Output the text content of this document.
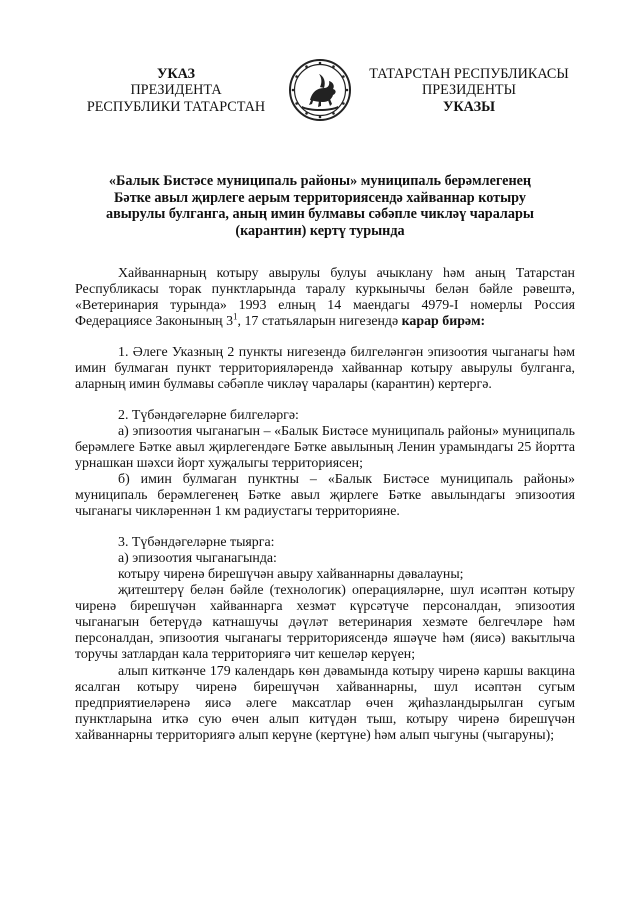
УКАЗ
ПРЕЗИДЕНТА
РЕСПУБЛИКИ ТАТАРСТАН
ТАТАРСТАН РЕСПУБЛИКАСЫ
ПРЕЗИДЕНТЫ
УКАЗЫ
«Балык Бистәсе муниципаль районы» муниципаль берәмлегенең
Бәтке авыл җирлеге аерым территориясендә хайваннар котыру
авырулы булганга, аның имин булмавы сәбәпле чикләү чаралары
(карантин) кертү турында
Хайваннарның котыру авырулы булуы ачыклану һәм аның Татарстан Республикасы торак пунктларында таралу куркынычы белән бәйле рәвештә, «Ветеринария турында» 1993 елның 14 маендагы 4979-I номерлы Россия Федерациясе Законының $3^1$, 17 статьяларын нигезендә карар бирәм:
1. Әлеге Указның 2 пункты нигезендә билгеләнгән эпизоотия чыганагы һәм имин булмаган пункт территорияләрендә хайваннар котыру авырулы булганга, аларның имин булмавы сәбәпле чикләү чаралары (карантин) кертергә.
2. Түбәндәгеләрне билгеләргә:
а) эпизоотия чыганагын – «Балык Бистәсе муниципаль районы» муниципаль берәмлеге Бәтке авыл җирлегендәге Бәтке авылының Ленин урамындагы 25 йортта урнашкан шәхси йорт хуҗалыгы территориясен;
б) имин булмаган пунктны – «Балык Бистәсе муниципаль районы» муниципаль берәмлегенең Бәтке авыл җирлеге Бәтке авылындагы эпизоотия чыганагы чикләреннән 1 км радиустагы территорияне.
3. Түбәндәгеләрне тыярга:
а) эпизоотия чыганагында:
котыру чиренә бирешүчән авыру хайваннарны дәвалауны;
җитештерү белән бәйле (технологик) операцияләрне, шул исәптән котыру чиренә бирешүчән хайваннарга хезмәт күрсәтүче персоналдан, эпизоотия чыганагын бетерүдә катнашучы дәүләт ветеринария хезмәте белгечләре һәм персоналдан, эпизоотия чыганагы территориясендә яшәүче һәм (яисә) вакытлыча торучы затлардан кала территориягә чит кешеләр керүен;
алып киткәнче 179 календарь көн дәвамында котыру чиренә каршы вакцина ясалган котыру чиренә бирешүчән хайваннарны, шул исәптән сугым предприятиеләренә яисә әлеге максатлар өчен җиһазландырылган сугым пунктларына иткә сую өчен алып китүдән тыш, котыру чиренә бирешүчән хайваннарны территориягә алып керүне (кертүне) һәм алып чыгуны (чыгаруны);
